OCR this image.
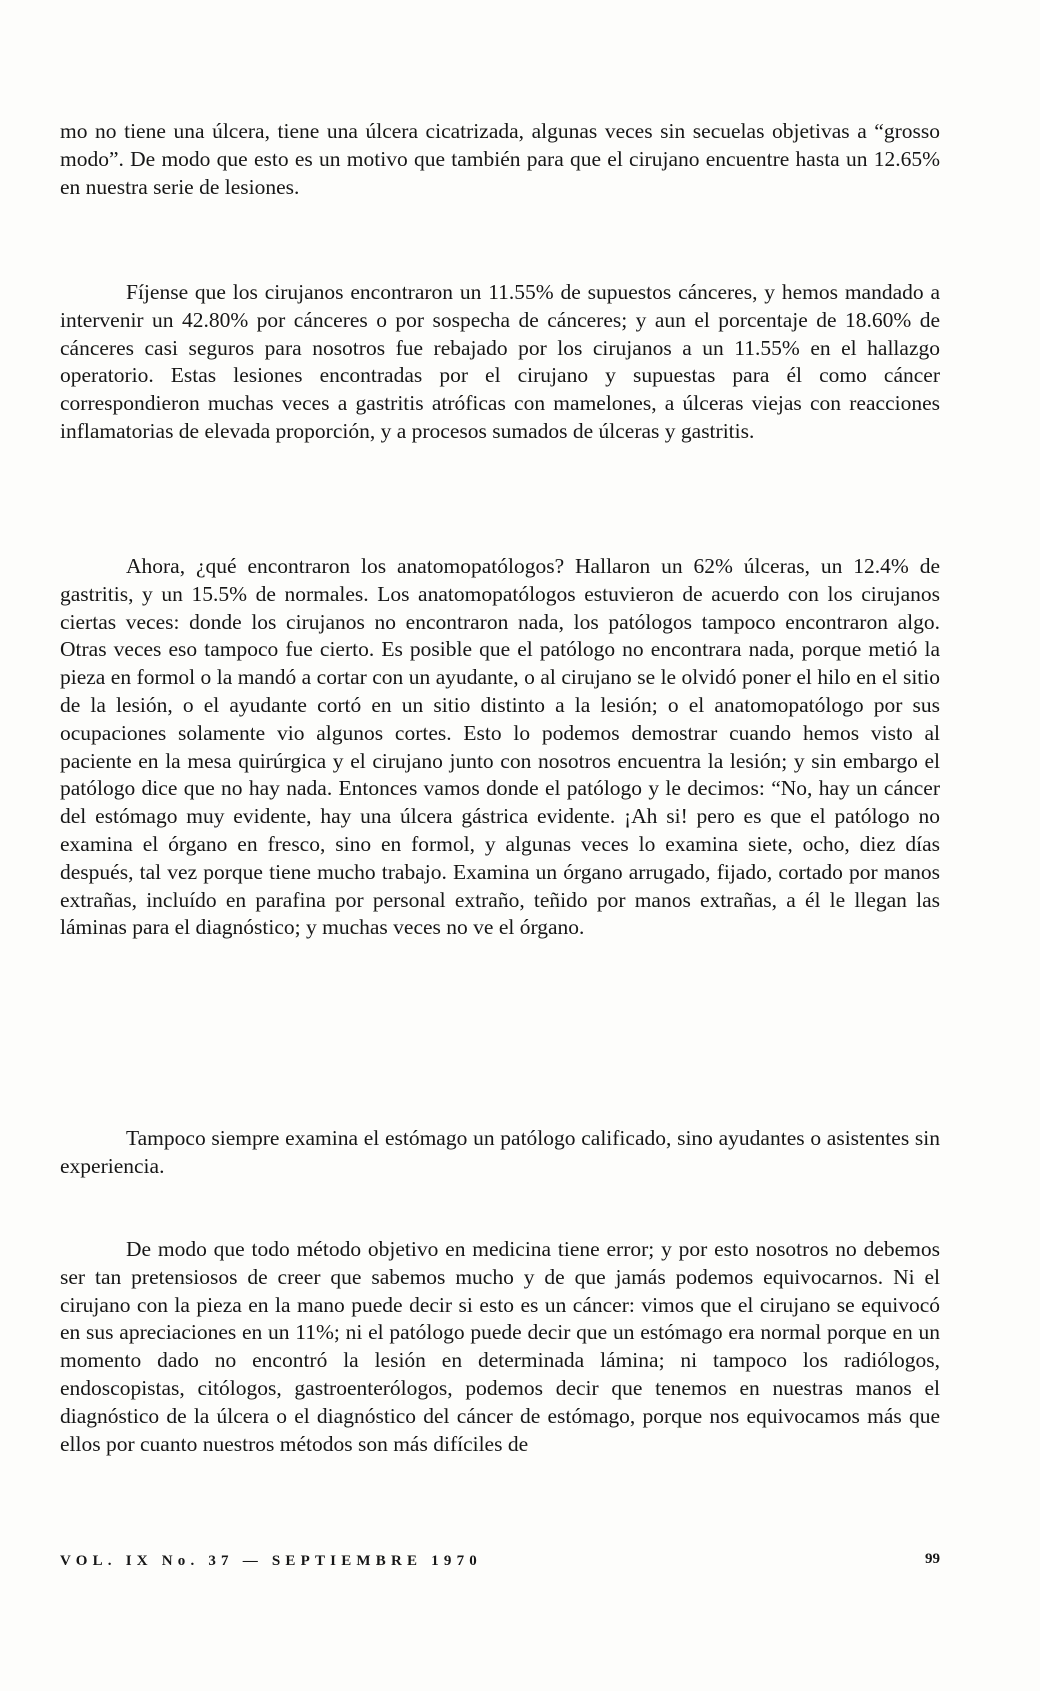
mo no tiene una úlcera, tiene una úlcera cicatrizada, algunas veces sin secuelas objetivas a “grosso modo”. De modo que esto es un motivo que también para que el cirujano encuentre hasta un 12.65% en nuestra serie de lesiones.

Fíjense que los cirujanos encontraron un 11.55% de supuestos cánceres, y hemos mandado a intervenir un 42.80% por cánceres o por sospecha de cánceres; y aun el porcentaje de 18.60% de cánceres casi seguros para nosotros fue rebajado por los cirujanos a un 11.55% en el hallazgo operatorio. Estas lesiones encontradas por el cirujano y supuestas para él como cáncer correspondieron muchas veces a gastritis atróficas con mamelones, a úlceras viejas con reacciones inflamatorias de elevada proporción, y a procesos sumados de úlceras y gastritis.

Ahora, ¿qué encontraron los anatomopatólogos? Hallaron un 62% úlceras, un 12.4% de gastritis, y un 15.5% de normales. Los anatomopatólogos estuvieron de acuerdo con los cirujanos ciertas veces: donde los cirujanos no encontraron nada, los patólogos tampoco encontraron algo. Otras veces eso tampoco fue cierto. Es posible que el patólogo no encontrara nada, porque metió la pieza en formol o la mandó a cortar con un ayudante, o al cirujano se le olvidó poner el hilo en el sitio de la lesión, o el ayudante cortó en un sitio distinto a la lesión; o el anatomopatólogo por sus ocupaciones solamente vio algunos cortes. Esto lo podemos demostrar cuando hemos visto al paciente en la mesa quirúrgica y el cirujano junto con nosotros encuentra la lesión; y sin embargo el patólogo dice que no hay nada. Entonces vamos donde el patólogo y le decimos: “No, hay un cáncer del estómago muy evidente, hay una úlcera gástrica evidente. ¡Ah si! pero es que el patólogo no examina el órgano en fresco, sino en formol, y algunas veces lo examina siete, ocho, diez días después, tal vez porque tiene mucho trabajo. Examina un órgano arrugado, fijado, cortado por manos extrañas, incluído en parafina por personal extraño, teñido por manos extrañas, a él le llegan las láminas para el diagnóstico; y muchas veces no ve el órgano.

Tampoco siempre examina el estómago un patólogo calificado, sino ayudantes o asistentes sin experiencia.

De modo que todo método objetivo en medicina tiene error; y por esto nosotros no debemos ser tan pretensiosos de creer que sabemos mucho y de que jamás podemos equivocarnos. Ni el cirujano con la pieza en la mano puede decir si esto es un cáncer: vimos que el cirujano se equivocó en sus apreciaciones en un 11%; ni el patólogo puede decir que un estómago era normal porque en un momento dado no encontró la lesión en determinada lámina; ni tampoco los radiólogos, endoscopistas, citólogos, gastroenterólogos, podemos decir que tenemos en nuestras manos el diagnóstico de la úlcera o el diagnóstico del cáncer de estómago, porque nos equivocamos más que ellos por cuanto nuestros métodos son más difíciles de

VOL. IX No. 37 — SEPTIEMBRE 1970	99
